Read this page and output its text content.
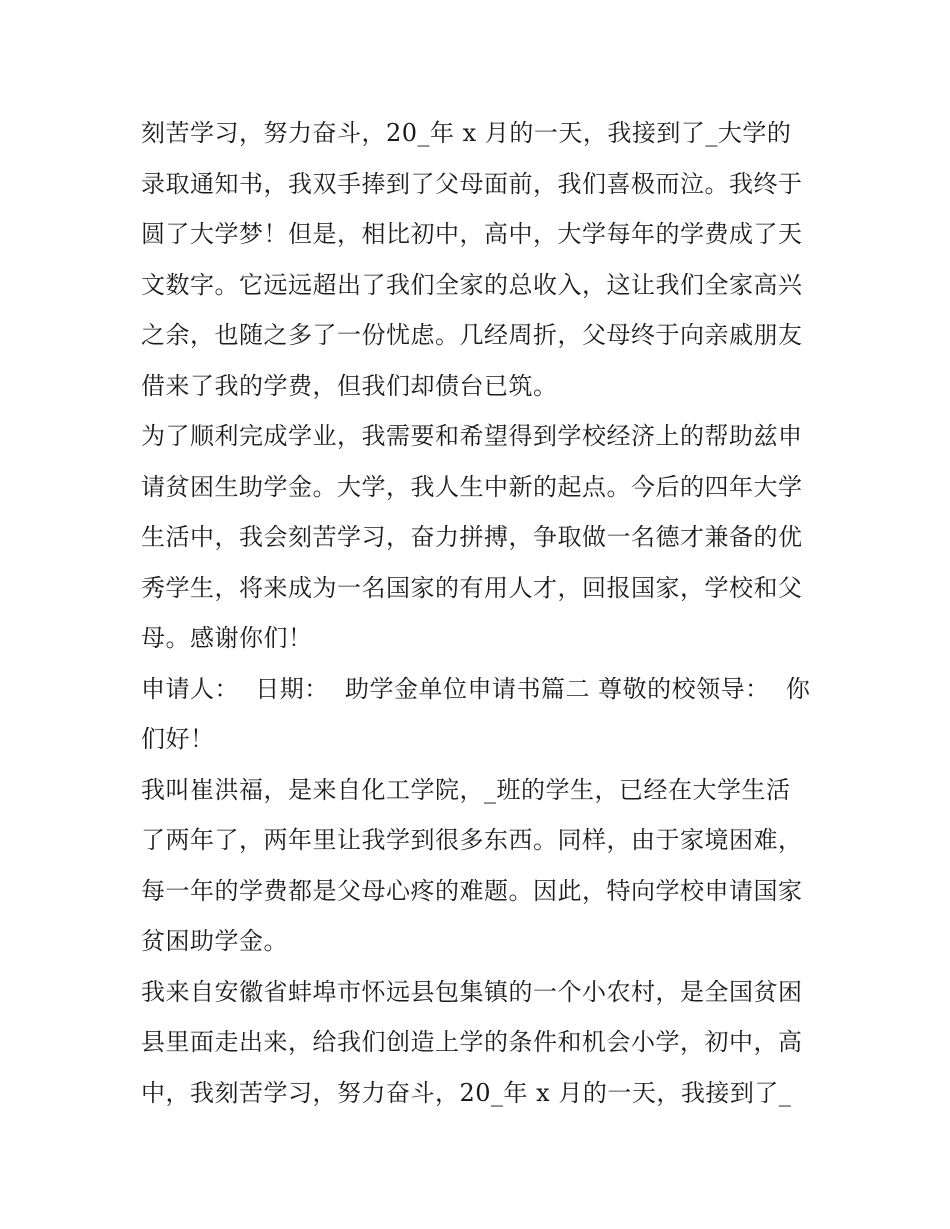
刻苦学习，努力奋斗，20_年 x 月的一天，我接到了_大学的
录取通知书，我双手捧到了父母面前，我们喜极而泣。我终于
圆了大学梦！但是，相比初中，高中，大学每年的学费成了天
文数字。它远远超出了我们全家的总收入，这让我们全家高兴
之余，也随之多了一份忧虑。几经周折，父母终于向亲戚朋友
借来了我的学费，但我们却债台已筑。
为了顺利完成学业，我需要和希望得到学校经济上的帮助兹申
请贫困生助学金。大学，我人生中新的起点。今后的四年大学
生活中，我会刻苦学习，奋力拼搏，争取做一名德才兼备的优
秀学生，将来成为一名国家的有用人才，回报国家，学校和父
母。感谢你们！
申请人：  日期：  助学金单位申请书篇二 尊敬的校领导：  你
们好！
我叫崔洪福，是来自化工学院，_班的学生，已经在大学生活
了两年了，两年里让我学到很多东西。同样，由于家境困难，
每一年的学费都是父母心疼的难题。因此，特向学校申请国家
贫困助学金。
我来自安徽省蚌埠市怀远县包集镇的一个小农村，是全国贫困
县里面走出来，给我们创造上学的条件和机会小学，初中，高
中，我刻苦学习，努力奋斗，20_年 x 月的一天，我接到了_
